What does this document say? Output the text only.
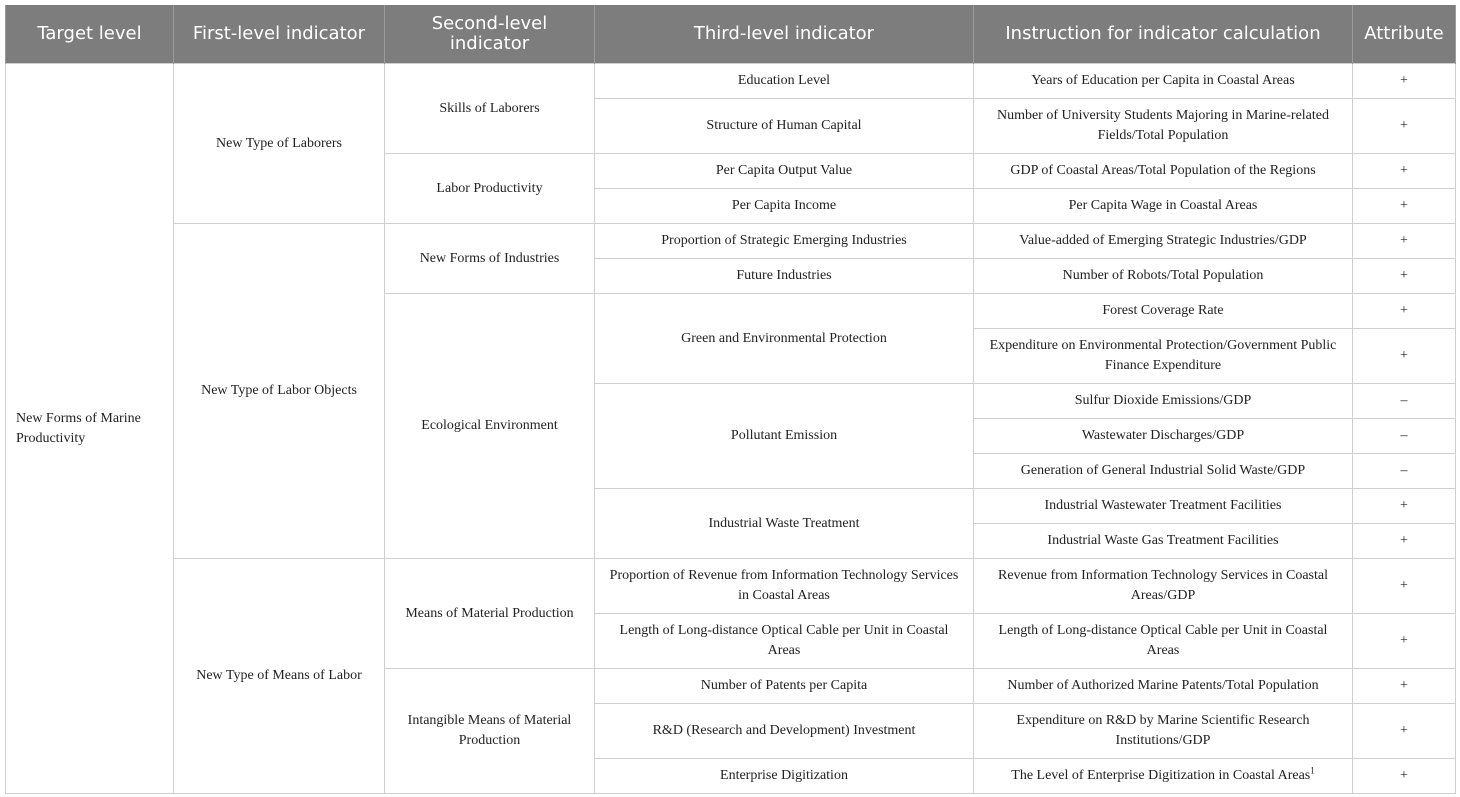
Target level	First-level indicator	Second-level indicator	Third-level indicator	Instruction for indicator calculation	Attribute
New Forms of Marine Productivity	New Type of Laborers	Skills of Laborers	Education Level	Years of Education per Capita in Coastal Areas	+
			Structure of Human Capital	Number of University Students Majoring in Marine-related Fields/Total Population	+
		Labor Productivity	Per Capita Output Value	GDP of Coastal Areas/Total Population of the Regions	+
			Per Capita Income	Per Capita Wage in Coastal Areas	+
	New Type of Labor Objects	New Forms of Industries	Proportion of Strategic Emerging Industries	Value-added of Emerging Strategic Industries/GDP	+
			Future Industries	Number of Robots/Total Population	+
		Ecological Environment	Green and Environmental Protection	Forest Coverage Rate	+
				Expenditure on Environmental Protection/Government Public Finance Expenditure	+
			Pollutant Emission	Sulfur Dioxide Emissions/GDP	–
				Wastewater Discharges/GDP	–
				Generation of General Industrial Solid Waste/GDP	–
			Industrial Waste Treatment	Industrial Wastewater Treatment Facilities	+
				Industrial Waste Gas Treatment Facilities	+
	New Type of Means of Labor	Means of Material Production	Proportion of Revenue from Information Technology Services in Coastal Areas	Revenue from Information Technology Services in Coastal Areas/GDP	+
			Length of Long-distance Optical Cable per Unit in Coastal Areas	Length of Long-distance Optical Cable per Unit in Coastal Areas	+
		Intangible Means of Material Production	Number of Patents per Capita	Number of Authorized Marine Patents/Total Population	+
			R&D (Research and Development) Investment	Expenditure on R&D by Marine Scientific Research Institutions/GDP	+
			Enterprise Digitization	The Level of Enterprise Digitization in Coastal Areas$^1$	+
